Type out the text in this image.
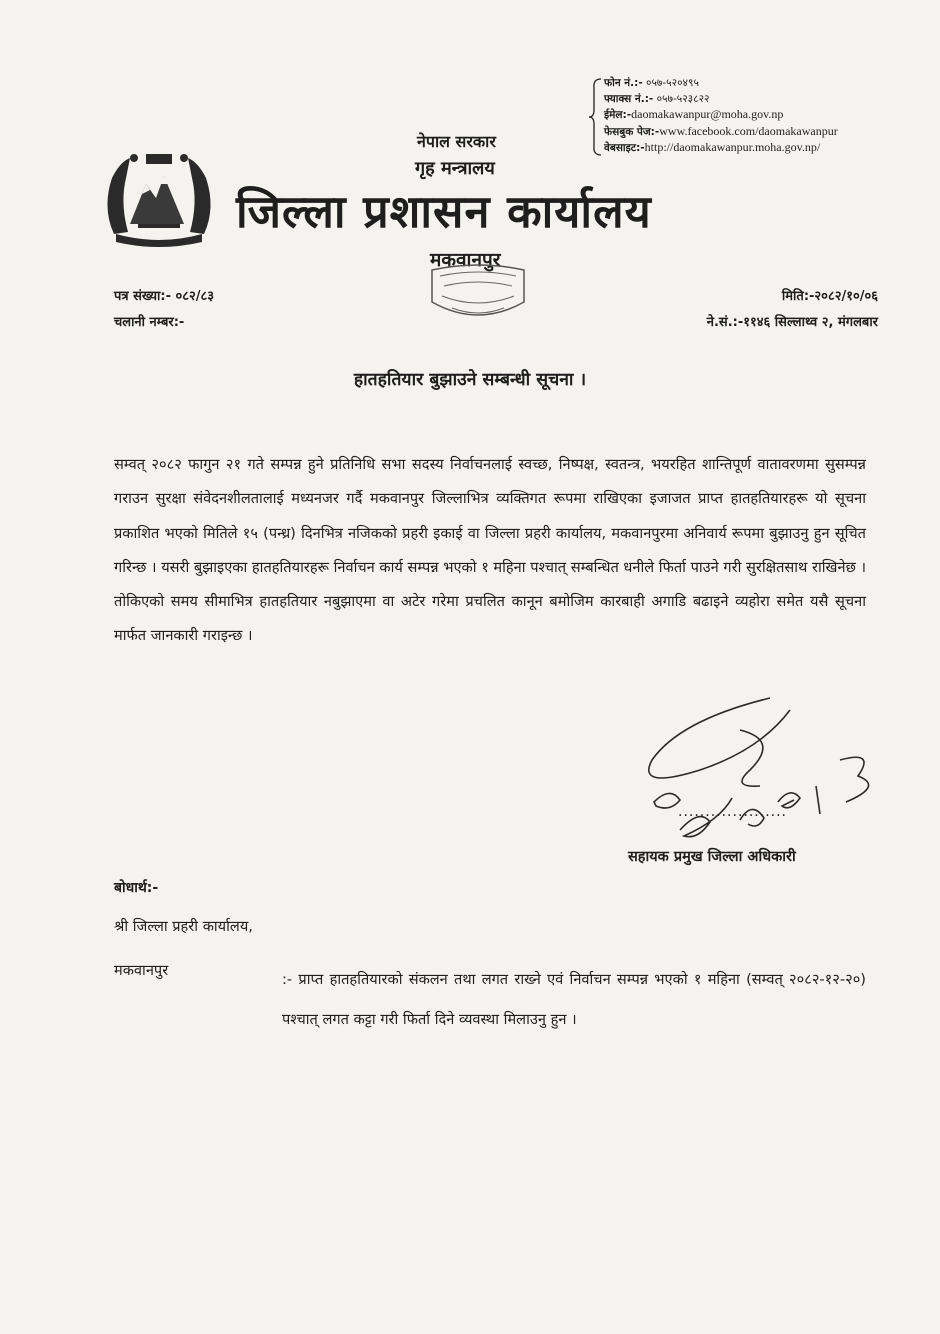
फोन नं.:- ०५७-५२०४९५
फ्याक्स नं.:- ०५७-५२३८२२
ईमेल:-daomakawanpur@moha.gov.np
फेसबुक पेज:-www.facebook.com/daomakawanpur
वेबसाइट:-http://daomakawanpur.moha.gov.np/
नेपाल सरकार
गृह मन्त्रालय
जिल्ला प्रशासन कार्यालय
मकवानपुर
पत्र संख्या:- ०८२/८३
चलानी नम्बर:-
मिति:-२०८२/१०/०६
ने.सं.:-११४६ सिल्लाथ्व २, मंगलबार
हातहतियार बुझाउने सम्बन्धी सूचना ।
सम्वत् २०८२ फागुन २१ गते सम्पन्न हुने प्रतिनिधि सभा सदस्य निर्वाचनलाई स्वच्छ, निष्पक्ष, स्वतन्त्र, भयरहित शान्तिपूर्ण वातावरणमा सुसम्पन्न गराउन सुरक्षा संवेदनशीलतालाई मध्यनजर गर्दै मकवानपुर जिल्लाभित्र व्यक्तिगत रूपमा राखिएका इजाजत प्राप्त हातहतियारहरू यो सूचना प्रकाशित भएको मितिले १५ (पन्ध्र) दिनभित्र नजिकको प्रहरी इकाई वा जिल्ला प्रहरी कार्यालय, मकवानपुरमा अनिवार्य रूपमा बुझाउनु हुन सूचित गरिन्छ । यसरी बुझाइएका हातहतियारहरू निर्वाचन कार्य सम्पन्न भएको १ महिना पश्चात् सम्बन्धित धनीले फिर्ता पाउने गरी सुरक्षितसाथ राखिनेछ । तोकिएको समय सीमाभित्र हातहतियार नबुझाएमा वा अटेर गरेमा प्रचलित कानून बमोजिम कारबाही अगाडि बढाइने व्यहोरा समेत यसै सूचना मार्फत जानकारी गराइन्छ ।
....................
सहायक प्रमुख जिल्ला अधिकारी
बोधार्थ:-
श्री जिल्ला प्रहरी कार्यालय,
मकवानपुर
:- प्राप्त हातहतियारको संकलन तथा लगत राख्ने एवं निर्वाचन सम्पन्न भएको १ महिना (सम्वत् २०८२-१२-२०) पश्चात् लगत कट्टा गरी फिर्ता दिने व्यवस्था मिलाउनु हुन ।
